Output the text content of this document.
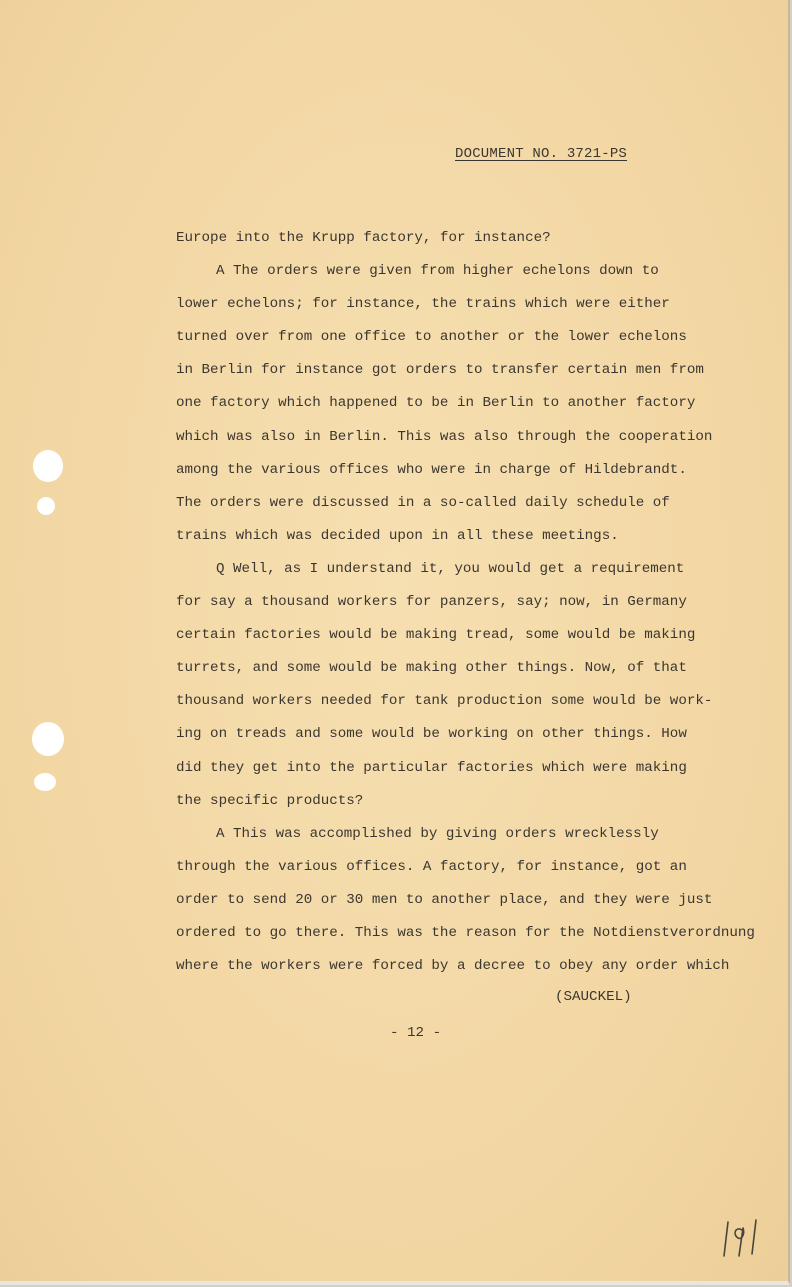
DOCUMENT NO. 3721-PS
Europe into the Krupp factory, for instance?
A The orders were given from higher echelons down to
lower echelons; for instance, the trains which were either
turned over from one office to another or the lower echelons
in Berlin for instance got orders to transfer certain men from
one factory which happened to be in Berlin to another factory
which was also in Berlin. This was also through the cooperation
among the various offices who were in charge of Hildebrandt.
The orders were discussed in a so-called daily schedule of
trains which was decided upon in all these meetings.
Q Well, as I understand it, you would get a requirement
for say a thousand workers for panzers, say; now, in Germany
certain factories would be making tread, some would be making
turrets, and some would be making other things. Now, of that
thousand workers needed for tank production some would be work-
ing on treads and some would be working on other things. How
did they get into the particular factories which were making
the specific products?
A This was accomplished by giving orders wrecklessly
through the various offices. A factory, for instance, got an
order to send 20 or 30 men to another place, and they were just
ordered to go there. This was the reason for the Notdienstverordnung
where the workers were forced by a decree to obey any order which
(SAUCKEL)
- 12 -
